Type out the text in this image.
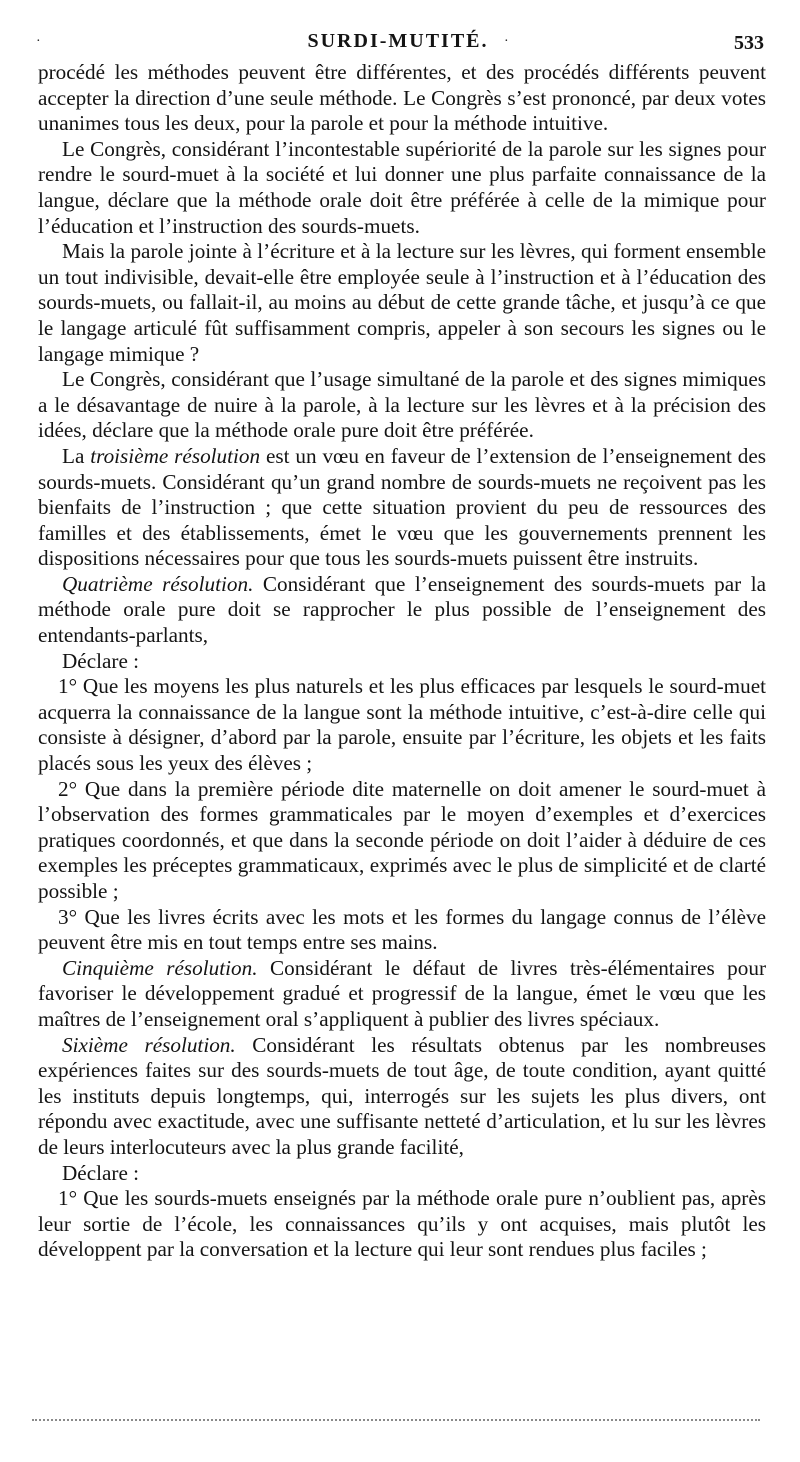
·	SURDI-MUTITÉ.	·	533

procédé les méthodes peuvent être différentes, et des procédés différents peuvent accepter la direction d’une seule méthode. Le Congrès s’est prononcé, par deux votes unanimes tous les deux, pour la parole et pour la méthode intuitive.

Le Congrès, considérant l’incontestable supériorité de la parole sur les signes pour rendre le sourd-muet à la société et lui donner une plus parfaite connaissance de la langue, déclare que la méthode orale doit être préférée à celle de la mimique pour l’éducation et l’instruction des sourds-muets.

Mais la parole jointe à l’écriture et à la lecture sur les lèvres, qui forment ensemble un tout indivisible, devait-elle être employée seule à l’instruction et à l’éducation des sourds-muets, ou fallait-il, au moins au début de cette grande tâche, et jusqu’à ce que le langage articulé fût suffisamment compris, appeler à son secours les signes ou le langage mimique ?

Le Congrès, considérant que l’usage simultané de la parole et des signes mimiques a le désavantage de nuire à la parole, à la lecture sur les lèvres et à la précision des idées, déclare que la méthode orale pure doit être préférée.

La troisième résolution est un vœu en faveur de l’extension de l’enseignement des sourds-muets. Considérant qu’un grand nombre de sourds-muets ne reçoivent pas les bienfaits de l’instruction ; que cette situation provient du peu de ressources des familles et des établissements, émet le vœu que les gouvernements prennent les dispositions nécessaires pour que tous les sourds-muets puissent être instruits.

Quatrième résolution. Considérant que l’enseignement des sourds-muets par la méthode orale pure doit se rapprocher le plus possible de l’enseignement des entendants-parlants,

Déclare :

1° Que les moyens les plus naturels et les plus efficaces par lesquels le sourd-muet acquerra la connaissance de la langue sont la méthode intuitive, c’est-à-dire celle qui consiste à désigner, d’abord par la parole, ensuite par l’écriture, les objets et les faits placés sous les yeux des élèves ;

2° Que dans la première période dite maternelle on doit amener le sourd-muet à l’observation des formes grammaticales par le moyen d’exemples et d’exercices pratiques coordonnés, et que dans la seconde période on doit l’aider à déduire de ces exemples les préceptes grammaticaux, exprimés avec le plus de simplicité et de clarté possible ;

3° Que les livres écrits avec les mots et les formes du langage connus de l’élève peuvent être mis en tout temps entre ses mains.

Cinquième résolution. Considérant le défaut de livres très-élémentaires pour favoriser le développement gradué et progressif de la langue, émet le vœu que les maîtres de l’enseignement oral s’appliquent à publier des livres spéciaux.

Sixième résolution. Considérant les résultats obtenus par les nombreuses expériences faites sur des sourds-muets de tout âge, de toute condition, ayant quitté les instituts depuis longtemps, qui, interrogés sur les sujets les plus divers, ont répondu avec exactitude, avec une suffisante netteté d’articulation, et lu sur les lèvres de leurs interlocuteurs avec la plus grande facilité,

Déclare :

1° Que les sourds-muets enseignés par la méthode orale pure n’oublient pas, après leur sortie de l’école, les connaissances qu’ils y ont acquises, mais plutôt les développent par la conversation et la lecture qui leur sont rendues plus faciles ;
